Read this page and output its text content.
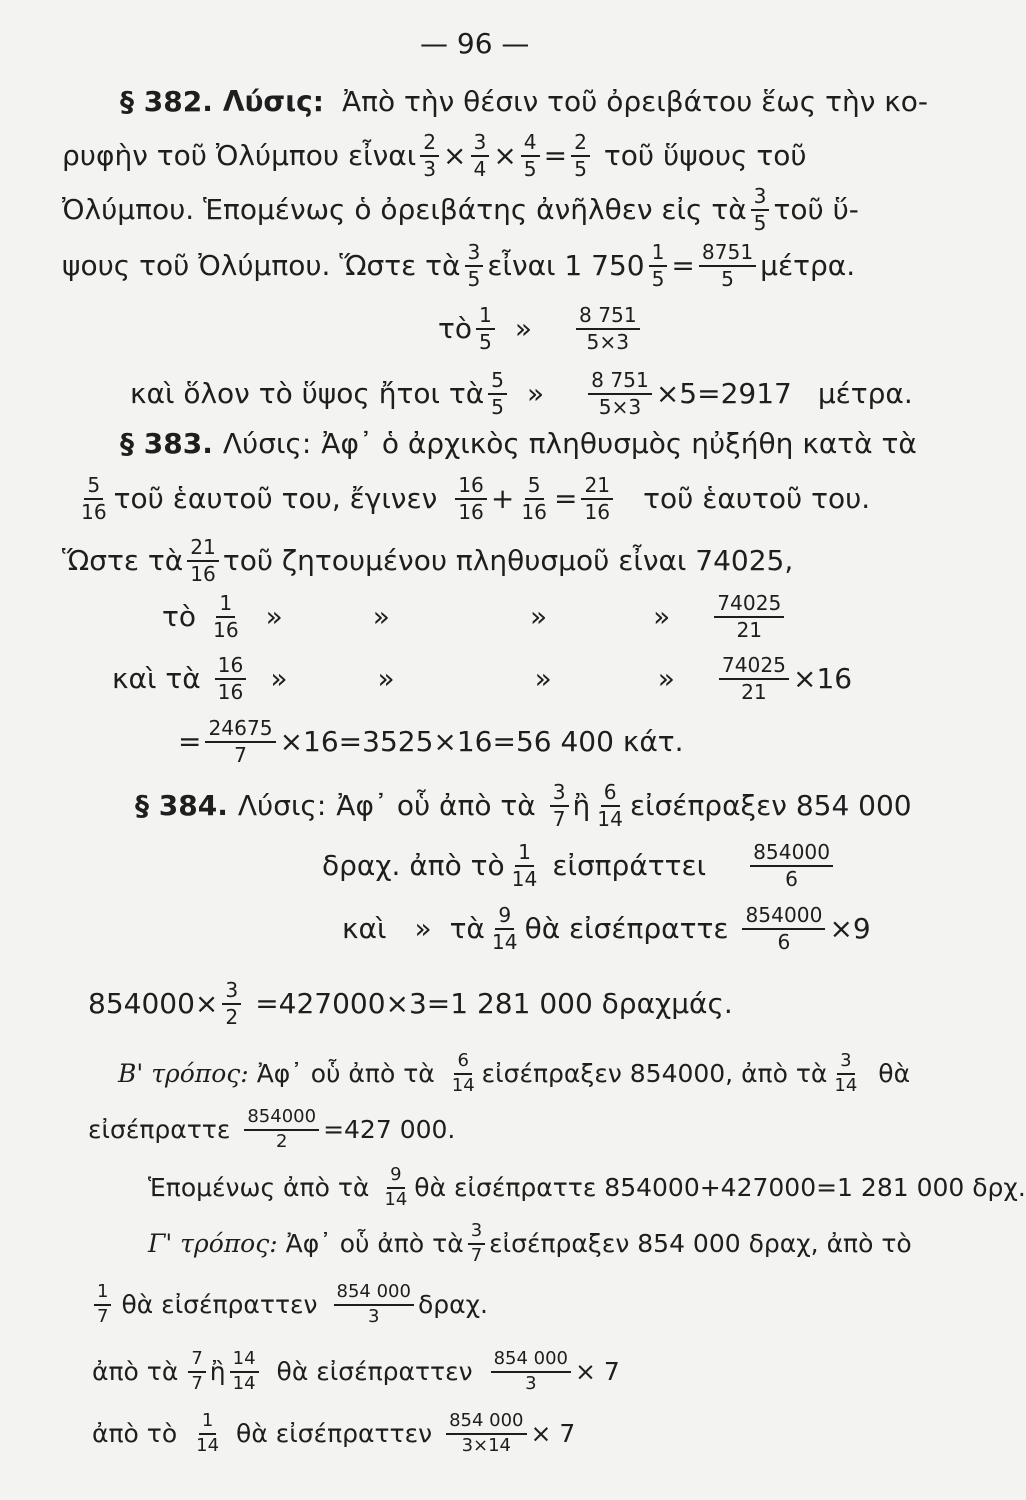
— 96 —
§ 382. Λύσις: Ἀπὸ τὴν θέσιν τοῦ ὀρειβάτου ἕως τὴν κο-
ρυφὴν τοῦ Ὀλύμπου εἶναι $\frac{2}{3} \times \frac{3}{4} \times \frac{4}{5} = \frac{2}{5}$ τοῦ ὕψους τοῦ
Ὀλύμπου. Ἑπομένως ὁ ὀρειβάτης ἀνῆλθεν εἰς τὰ 3
5 τοῦ ὕ-
ψους τοῦ Ὀλύμπου. Ὥστε τὰ 3
5 εἶναι 1 $750 \frac{1}{5} = \frac{8751}{5} \mu έ\tau\rho\alpha$.
τὸ 1
5 » 8 751
5×3
καὶ ὅλον τὸ ὕψος ἤτοι τὰ 5
5 » $\frac{8 751}{5\times 3} \times 5=2917$ μέτρα.
§ 383. Λύσις: Ἀφ᾽ ὁ ἀρχικὸς πληθυσμὸς ηὐξήθη κατὰ τὰ
5
16 τοῦ ἑαυτοῦ του, ἔγινεν 16
$16 + \frac{5}{16} = \frac{21}{16}$ τοῦ ἑαυτοῦ του.
Ὥστε τὰ 21
16 τοῦ ζητουμένου πληθυσμοῦ εἶναι 74025,
τὸ 1
16 »	»	»	» 74025
21
καὶ τὰ 16
16 »	»	»	» $\frac{74025}{21} \times 16$
= $\frac{24675}{7} \times 16=3525\times 16=56$ 400 κάτ.
§ 384. Λύσις: Ἀφ᾽ οὗ ἀπὸ τὰ 3
7 ἢ 6
14 εἰσέπραξεν 854 000
δραχ. ἀπὸ τὸ 1
14 εἰσπράττει 854000
6
καὶ » τὰ 9
14 θὰ εἰσέπραττε $\frac{854000}{6} \times 9$
$854000\times \frac{3}{2} =427000\times 3=1$ 281 000 δραχμάς.
Β' τρόπος: Ἀφ᾽ οὗ ἀπὸ τὰ 6
14 εἰσέπραξεν 854000, ἀπὸ τὰ 3
14 θὰ
εἰσέπραττε $\frac{854000}{2} =427$ 000.
Ἑπομένως ἀπὸ τὰ 9
14 θὰ εἰσέπραττε 854000+427000=1 281 000 δρχ.
Γ' τρόπος: Ἀφ᾽ οὗ ἀπὸ τὰ 3
7 εἰσέπραξεν 854 000 δραχ, ἀπὸ τὸ
1
7 θὰ εἰσέπραττεν 854 000
3 δραχ.
ἀπὸ τὰ 7
7 ἢ 14
14 θὰ εἰσέπραττεν $\frac{854 000}{3} \times 7$
ἀπὸ τὸ 1
14 θὰ εἰσέπραττεν $\frac{854 000}{3\times 14} \times 7$
